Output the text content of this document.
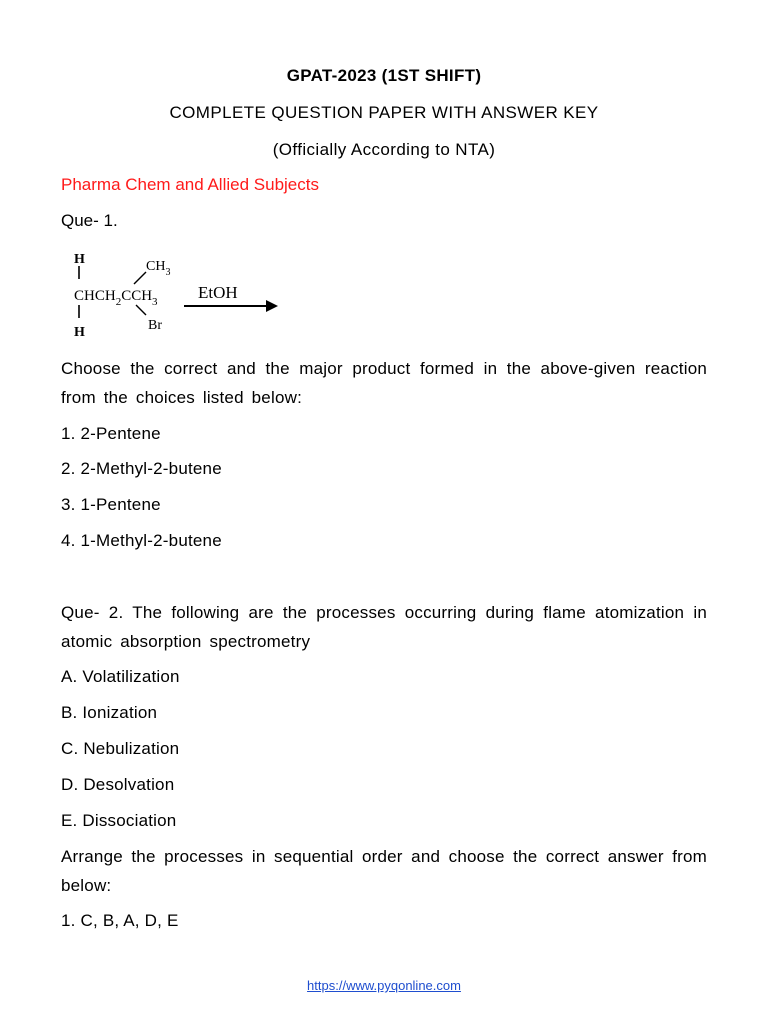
GPAT-2023 (1ST SHIFT)
COMPLETE QUESTION PAPER WITH ANSWER KEY
(Officially According to NTA)
Pharma Chem and Allied Subjects
Que- 1.
H
$CHCH_2CCH_3$
H
$CH_3$
Br
EtOH
Choose the correct and the major product formed in the above-given reaction from the choices listed below:
1. 2-Pentene
2. 2-Methyl-2-butene
3. 1-Pentene
4. 1-Methyl-2-butene
Que- 2. The following are the processes occurring during flame atomization in atomic absorption spectrometry
A. Volatilization
B. Ionization
C. Nebulization
D. Desolvation
E. Dissociation
Arrange the processes in sequential order and choose the correct answer from below:
1. C, B, A, D, E
https://www.pyqonline.com
